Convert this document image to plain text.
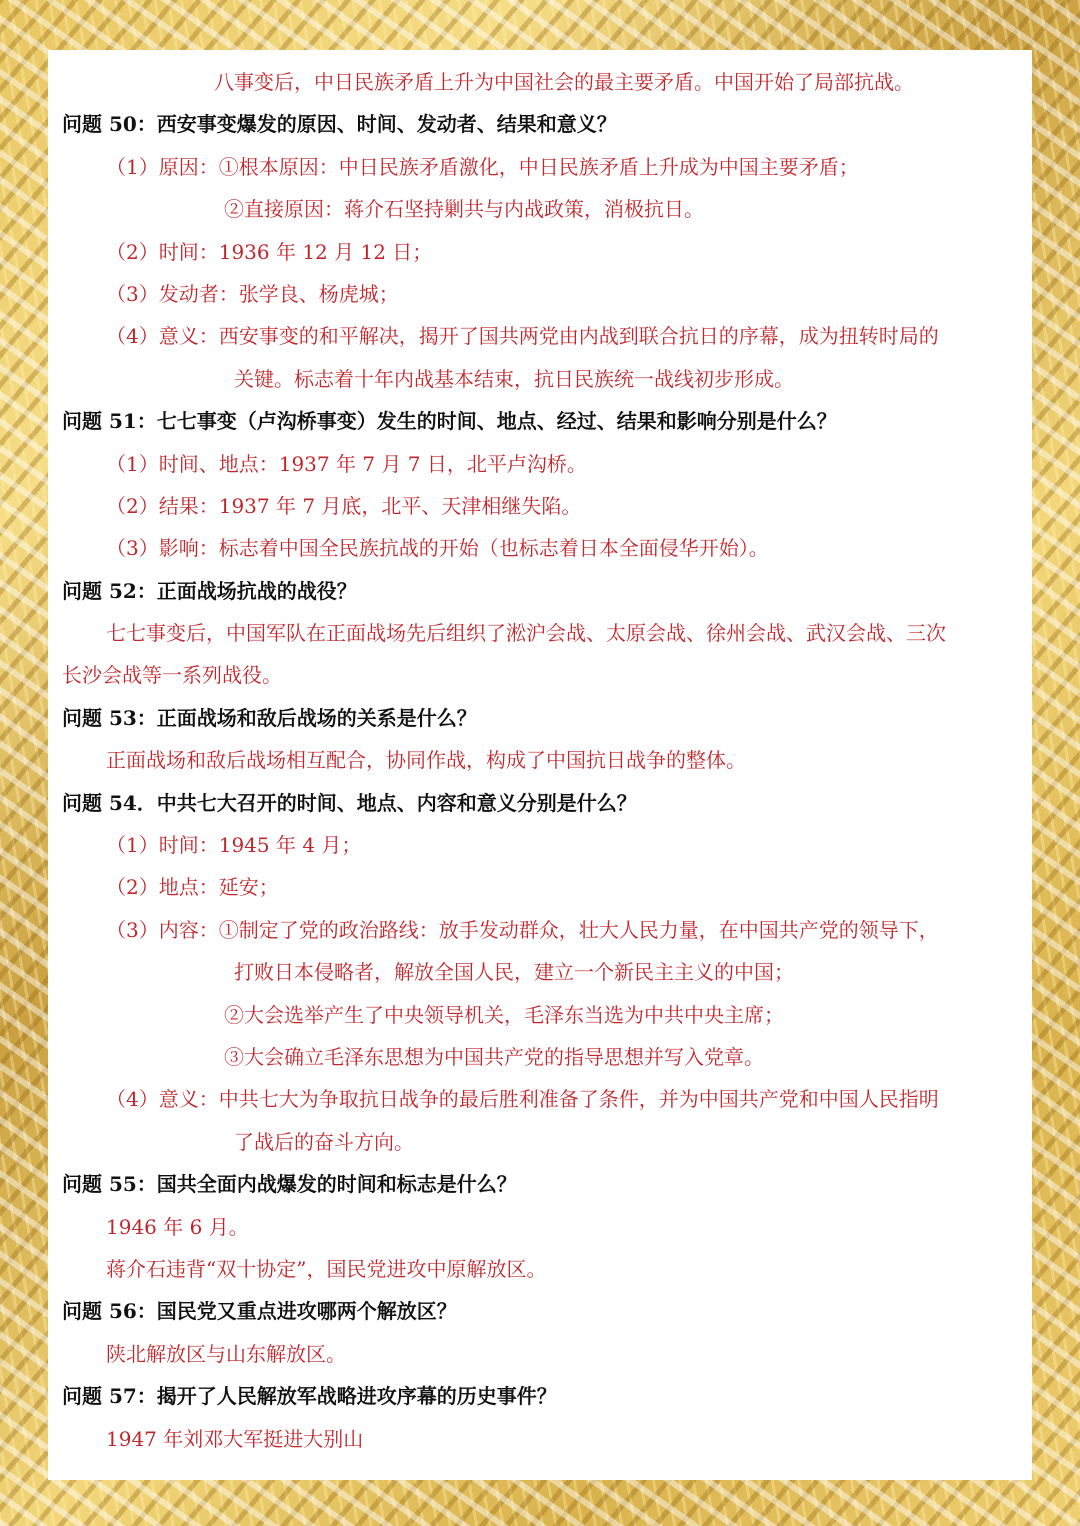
八事变后，中日民族矛盾上升为中国社会的最主要矛盾。中国开始了局部抗战。
问题 50：西安事变爆发的原因、时间、发动者、结果和意义？
（1）原因：①根本原因：中日民族矛盾激化，中日民族矛盾上升成为中国主要矛盾；
②直接原因：蒋介石坚持剿共与内战政策，消极抗日。
（2）时间：1936 年 12 月 12 日；
（3）发动者：张学良、杨虎城；
（4）意义：西安事变的和平解决，揭开了国共两党由内战到联合抗日的序幕，成为扭转时局的
关键。标志着十年内战基本结束，抗日民族统一战线初步形成。
问题 51：七七事变（卢沟桥事变）发生的时间、地点、经过、结果和影响分别是什么？
（1）时间、地点：1937 年 7 月 7 日，北平卢沟桥。
（2）结果：1937 年 7 月底，北平、天津相继失陷。
（3）影响：标志着中国全民族抗战的开始（也标志着日本全面侵华开始）。
问题 52：正面战场抗战的战役？
七七事变后，中国军队在正面战场先后组织了淞沪会战、太原会战、徐州会战、武汉会战、三次
长沙会战等一系列战役。
问题 53：正面战场和敌后战场的关系是什么？
正面战场和敌后战场相互配合，协同作战，构成了中国抗日战争的整体。
问题 54．中共七大召开的时间、地点、内容和意义分别是什么？
（1）时间：1945 年 4 月；
（2）地点：延安；
（3）内容：①制定了党的政治路线：放手发动群众，壮大人民力量，在中国共产党的领导下，
打败日本侵略者，解放全国人民，建立一个新民主主义的中国；
②大会选举产生了中央领导机关，毛泽东当选为中共中央主席；
③大会确立毛泽东思想为中国共产党的指导思想并写入党章。
（4）意义：中共七大为争取抗日战争的最后胜利准备了条件，并为中国共产党和中国人民指明
了战后的奋斗方向。
问题 55：国共全面内战爆发的时间和标志是什么？
1946 年 6 月。
蒋介石违背“双十协定”，国民党进攻中原解放区。
问题 56：国民党又重点进攻哪两个解放区？
陕北解放区与山东解放区。
问题 57：揭开了人民解放军战略进攻序幕的历史事件？
1947 年刘邓大军挺进大别山
